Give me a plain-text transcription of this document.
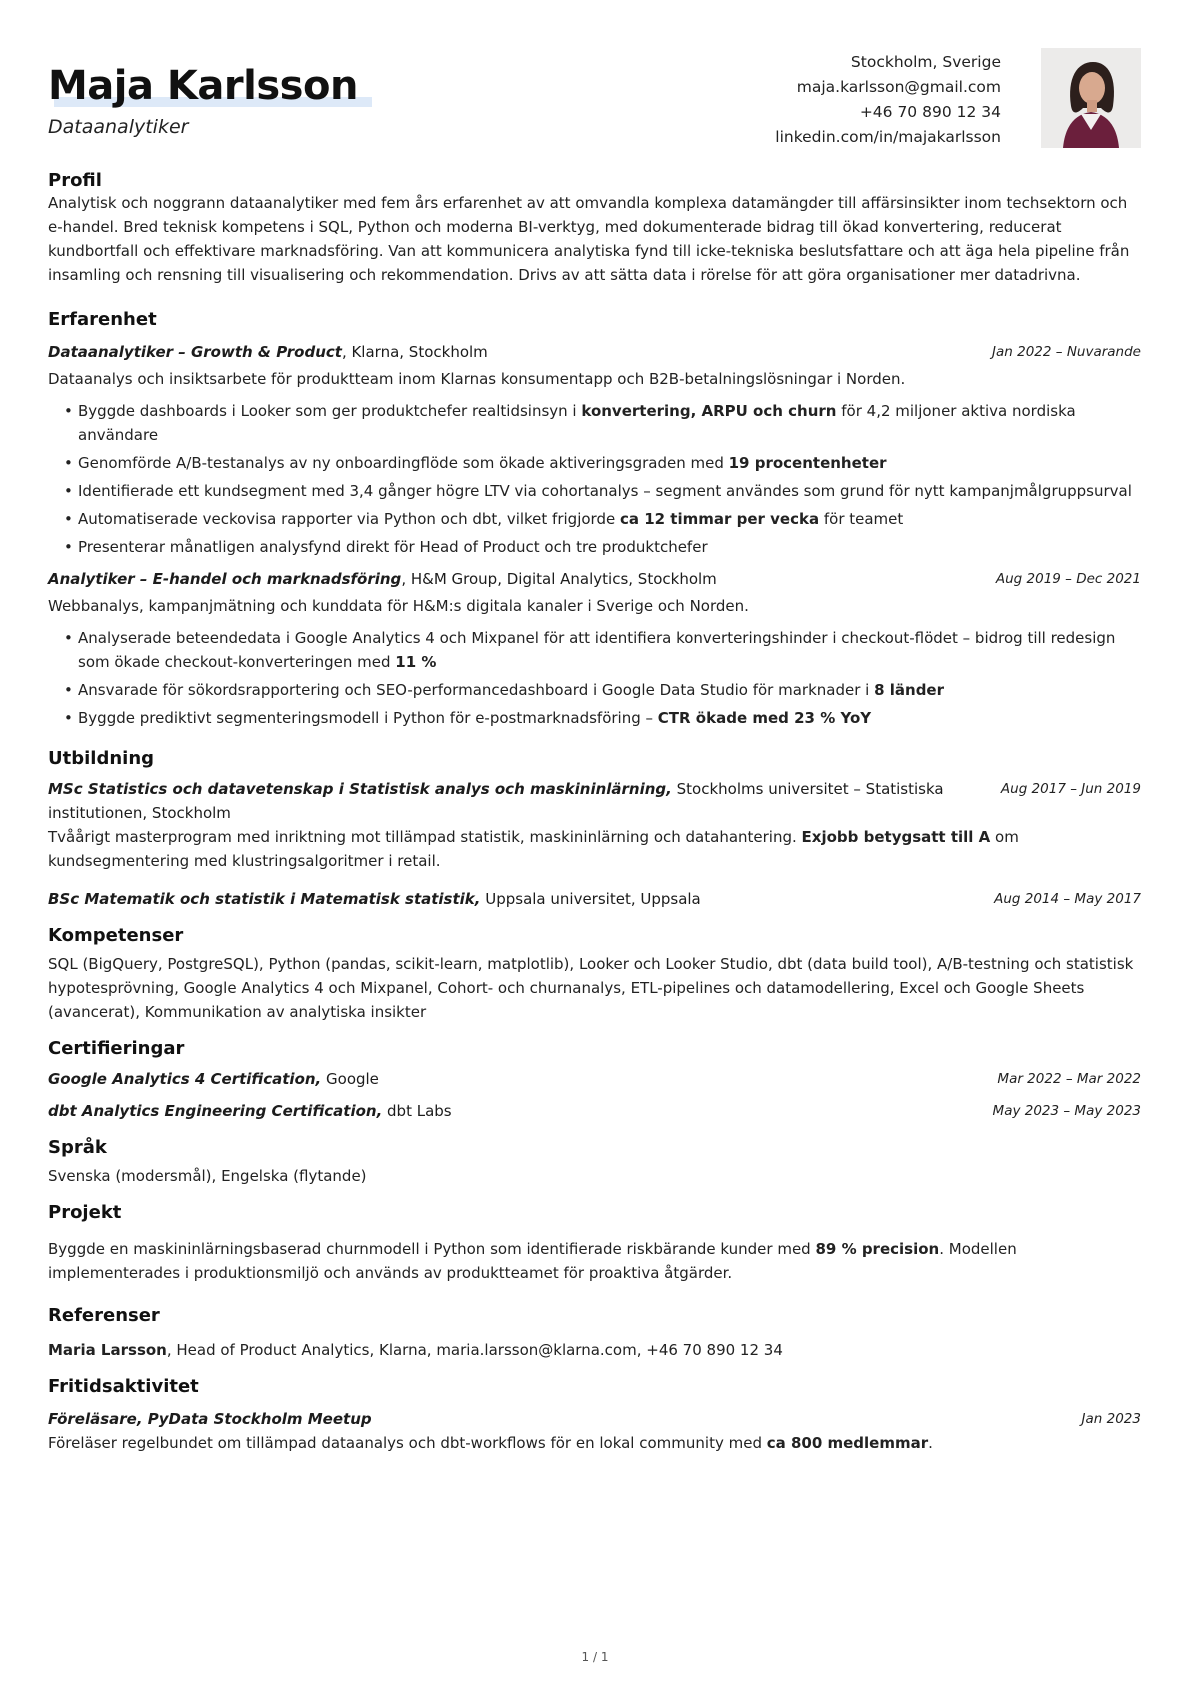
Maja Karlsson
Dataanalytiker
Stockholm, Sverige
maja.karlsson@gmail.com
+46 70 890 12 34
linkedin.com/in/majakarlsson
Profil

Analytisk och noggrann dataanalytiker med fem års erfarenhet av att omvandla komplexa datamängder till affärsinsikter inom techsektorn och e-handel. Bred teknisk kompetens i SQL, Python och moderna BI-verktyg, med dokumenterade bidrag till ökad konvertering, reducerat kundbortfall och effektivare marknadsföring. Van att kommunicera analytiska fynd till icke-tekniska beslutsfattare och att äga hela pipeline från insamling och rensning till visualisering och rekommendation. Drivs av att sätta data i rörelse för att göra organisationer mer datadrivna.

Erfarenhet
Dataanalytiker – Growth & Product, Klarna, Stockholm	Jan 2022 – Nuvarande

Dataanalys och insiktsarbete för produktteam inom Klarnas konsumentapp och B2B-betalningslösningar i Norden.

• Byggde dashboards i Looker som ger produktchefer realtidsinsyn i konvertering, ARPU och churn för 4,2 miljoner aktiva nordiska användare
• Genomförde A/B-testanalys av ny onboardingflöde som ökade aktiveringsgraden med 19 procentenheter
• Identifierade ett kundsegment med 3,4 gånger högre LTV via cohortanalys – segment användes som grund för nytt kampanjmålgruppsurval
• Automatiserade veckovisa rapporter via Python och dbt, vilket frigjorde ca 12 timmar per vecka för teamet
• Presenterar månatligen analysfynd direkt för Head of Product och tre produktchefer
Analytiker – E-handel och marknadsföring, H&M Group, Digital Analytics, Stockholm	Aug 2019 – Dec 2021

Webbanalys, kampanjmätning och kunddata för H&M:s digitala kanaler i Sverige och Norden.

• Analyserade beteendedata i Google Analytics 4 och Mixpanel för att identifiera konverteringshinder i checkout-flödet – bidrog till redesign som ökade checkout-konverteringen med 11 %
• Ansvarade för sökordsrapportering och SEO-performancedashboard i Google Data Studio för marknader i 8 länder
• Byggde prediktivt segmenteringsmodell i Python för e-postmarknadsföring – CTR ökade med 23 % YoY
Utbildning
MSc Statistics och datavetenskap i Statistisk analys och maskininlärning, Stockholms universitet – Statistiska institutionen, Stockholm
Aug 2017 – Jun 2019

Tvåårigt masterprogram med inriktning mot tillämpad statistik, maskininlärning och datahantering. Exjobb betygsatt till A om kundsegmentering med klustringsalgoritmer i retail.

BSc Matematik och statistik i Matematisk statistik, Uppsala universitet, Uppsala	Aug 2014 – May 2017
Kompetenser

SQL (BigQuery, PostgreSQL), Python (pandas, scikit-learn, matplotlib), Looker och Looker Studio, dbt (data build tool), A/B-testning och statistisk hypotesprövning, Google Analytics 4 och Mixpanel, Cohort- och churnanalys, ETL-pipelines och datamodellering, Excel och Google Sheets (avancerat), Kommunikation av analytiska insikter

Certifieringar
Google Analytics 4 Certification, Google	Mar 2022 – Mar 2022
dbt Analytics Engineering Certification, dbt Labs	May 2023 – May 2023
Språk

Svenska (modersmål), Engelska (flytande)

Projekt

Byggde en maskininlärningsbaserad churnmodell i Python som identifierade riskbärande kunder med 89 % precision. Modellen implementerades i produktionsmiljö och används av produktteamet för proaktiva åtgärder.

Referenser

Maria Larsson, Head of Product Analytics, Klarna, maria.larsson@klarna.com, +46 70 890 12 34

Fritidsaktivitet
Föreläsare, PyData Stockholm Meetup	Jan 2023

Föreläser regelbundet om tillämpad dataanalys och dbt-workflows för en lokal community med ca 800 medlemmar.

1 / 1
